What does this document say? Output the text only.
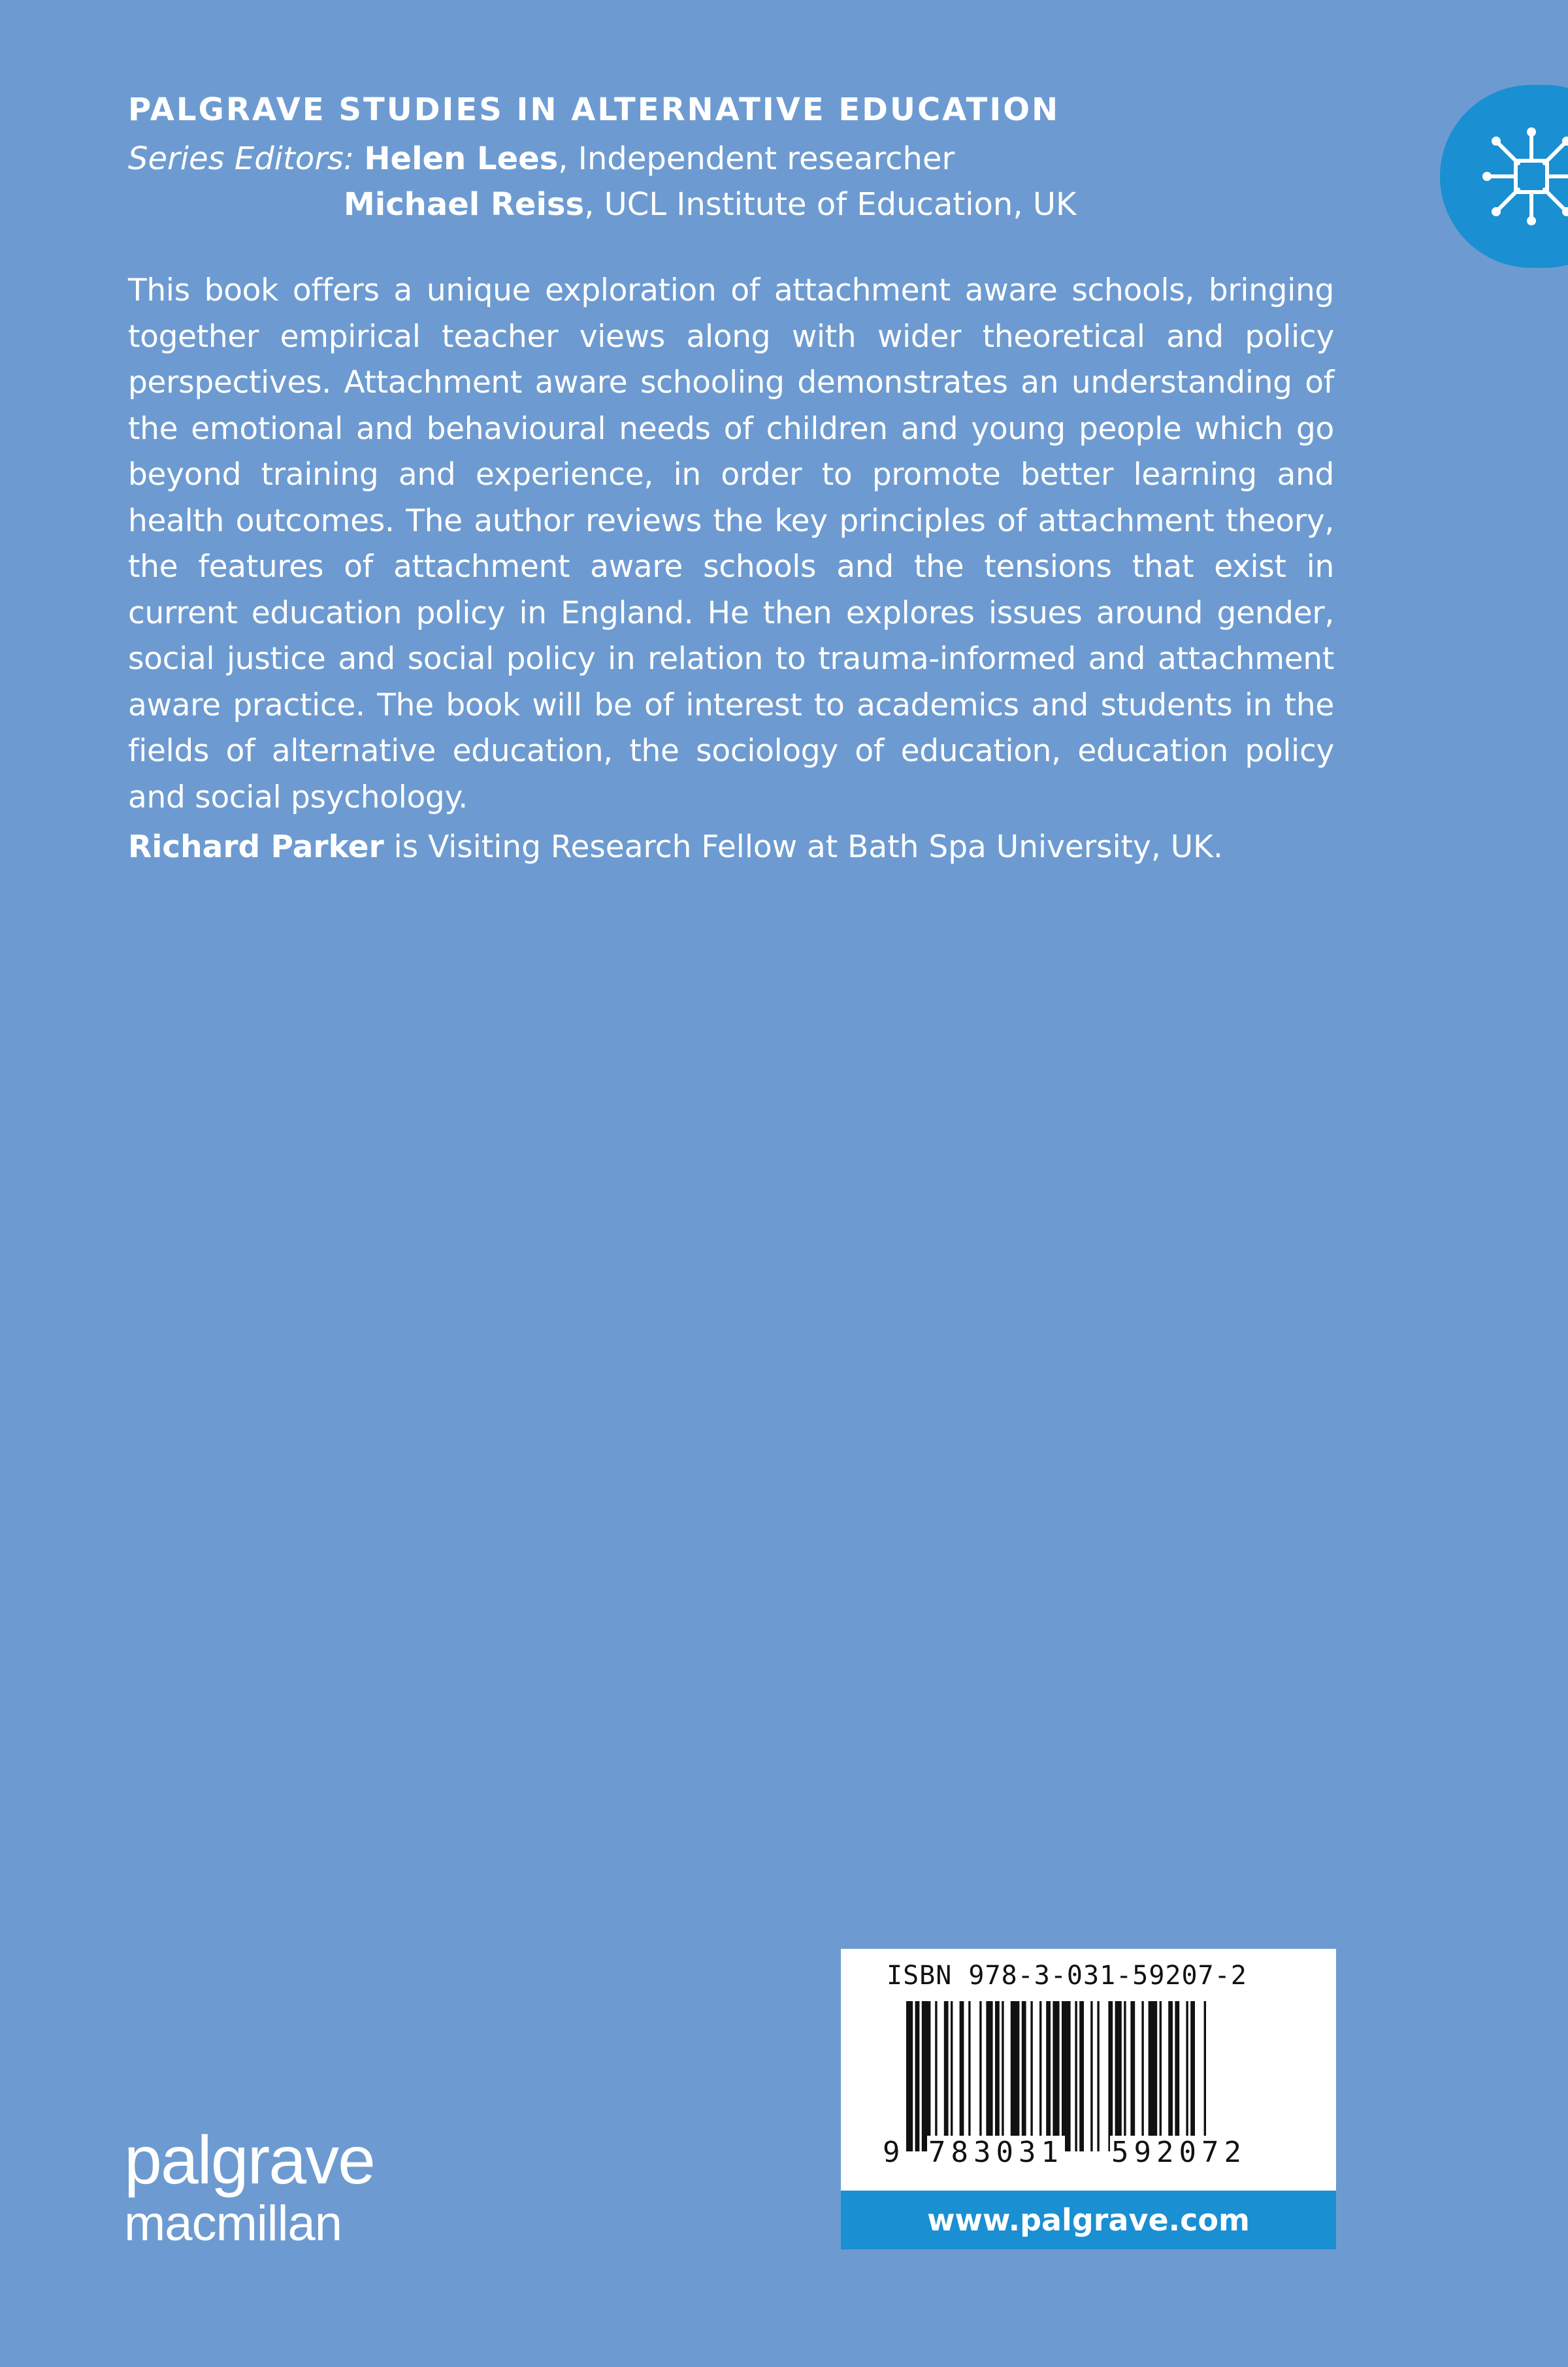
PALGRAVE STUDIES IN ALTERNATIVE EDUCATION
Series Editors: Helen Lees, Independent researcher
Michael Reiss, UCL Institute of Education, UK
This book offers a unique exploration of attachment aware schools, bringing together empirical teacher views along with wider theoretical and policy perspectives. Attachment aware schooling demonstrates an understanding of the emotional and behavioural needs of children and young people which go beyond training and experience, in order to promote better learning and health outcomes. The author reviews the key principles of attachment theory, the features of attachment aware schools and the tensions that exist in current education policy in England. He then explores issues around gender, social justice and social policy in relation to trauma-informed and attachment aware practice. The book will be of interest to academics and students in the fields of alternative education, the sociology of education, education policy and social psychology.
Richard Parker is Visiting Research Fellow at Bath Spa University, UK.
palgrave
macmillan
ISBN 978-3-031-59207-2
9 783031 592072
www.palgrave.com
